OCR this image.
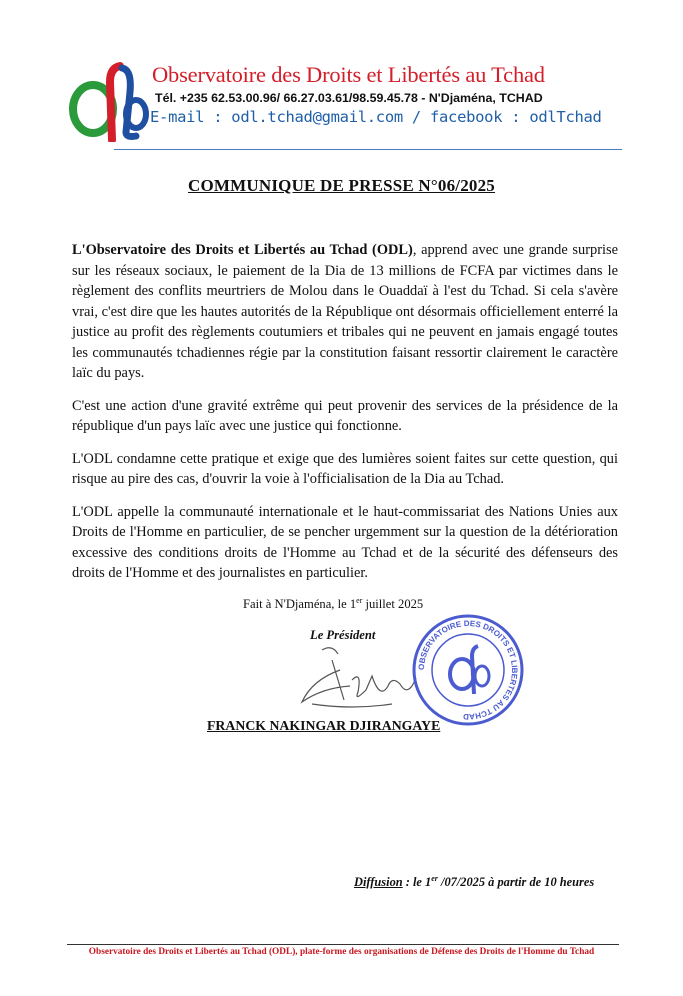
Observatoire des Droits et Libertés au Tchad
Tél. +235 62.53.00.96/ 66.27.03.61/98.59.45.78 - N'Djaména, TCHAD
E-mail : odl.tchad@gmail.com / facebook : odlTchad
COMMUNIQUE DE PRESSE N°06/2025

L'Observatoire des Droits et Libertés au Tchad (ODL), apprend avec une grande surprise sur les réseaux sociaux, le paiement de la Dia de 13 millions de FCFA par victimes dans le règlement des conflits meurtriers de Molou dans le Ouaddaï à l'est du Tchad. Si cela s'avère vrai, c'est dire que les hautes autorités de la République ont désormais officiellement enterré la justice au profit des règlements coutumiers et tribales qui ne peuvent en jamais engagé toutes les communautés tchadiennes régie par la constitution faisant ressortir clairement le caractère laïc du pays.

C'est une action d'une gravité extrême qui peut provenir des services de la présidence de la république d'un pays laïc avec une justice qui fonctionne.

L'ODL condamne cette pratique et exige que des lumières soient faites sur cette question, qui risque au pire des cas, d'ouvrir la voie à l'officialisation de la Dia au Tchad.

L'ODL appelle la communauté internationale et le haut-commissariat des Nations Unies aux Droits de l'Homme en particulier, de se pencher urgemment sur la question de la détérioration excessive des conditions droits de l'Homme au Tchad et de la sécurité des défenseurs des droits de l'Homme et des journalistes en particulier.

Fait à N'Djaména, le 1er juillet 2025
Le Président
OBSERVATOIRE DES DROITS ET LIBERTES AU TCHAD
FRANCK NAKINGAR DJIRANGAYE
Diffusion : le 1er /07/2025 à partir de 10 heures
Observatoire des Droits et Libertés au Tchad (ODL), plate-forme des organisations de Défense des Droits de l'Homme du Tchad
